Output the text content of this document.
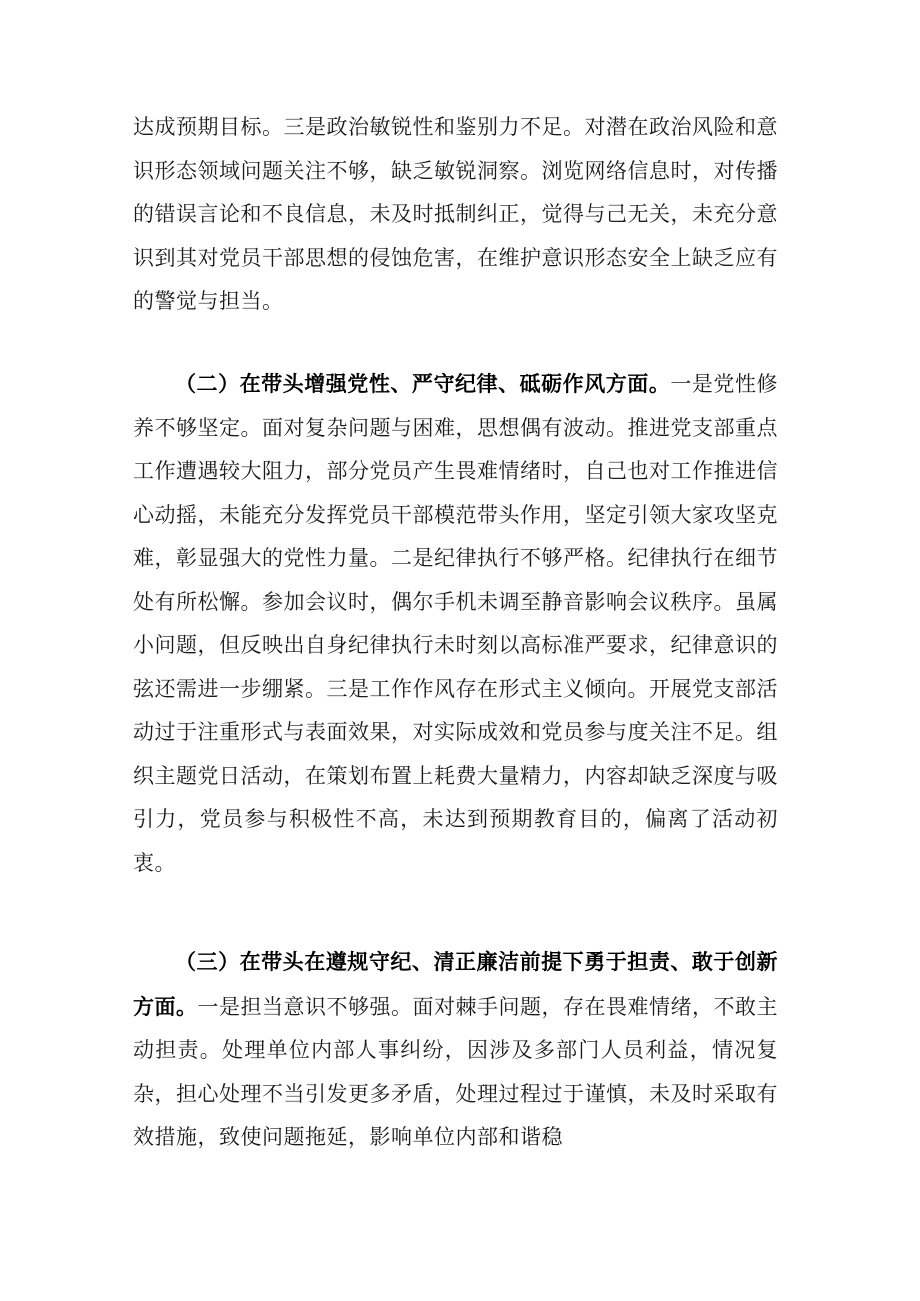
达成预期目标。三是政治敏锐性和鉴别力不足。对潜在政治风险和意识形态领域问题关注不够，缺乏敏锐洞察。浏览网络信息时，对传播的错误言论和不良信息，未及时抵制纠正，觉得与己无关，未充分意识到其对党员干部思想的侵蚀危害，在维护意识形态安全上缺乏应有的警觉与担当。

（二）在带头增强党性、严守纪律、砥砺作风方面。一是党性修养不够坚定。面对复杂问题与困难，思想偶有波动。推进党支部重点工作遭遇较大阻力，部分党员产生畏难情绪时，自己也对工作推进信心动摇，未能充分发挥党员干部模范带头作用，坚定引领大家攻坚克难，彰显强大的党性力量。二是纪律执行不够严格。纪律执行在细节处有所松懈。参加会议时，偶尔手机未调至静音影响会议秩序。虽属小问题，但反映出自身纪律执行未时刻以高标准严要求，纪律意识的弦还需进一步绷紧。三是工作作风存在形式主义倾向。开展党支部活动过于注重形式与表面效果，对实际成效和党员参与度关注不足。组织主题党日活动，在策划布置上耗费大量精力，内容却缺乏深度与吸引力，党员参与积极性不高，未达到预期教育目的，偏离了活动初衷。

（三）在带头在遵规守纪、清正廉洁前提下勇于担责、敢于创新方面。一是担当意识不够强。面对棘手问题，存在畏难情绪，不敢主动担责。处理单位内部人事纠纷，因涉及多部门人员利益，情况复杂，担心处理不当引发更多矛盾，处理过程过于谨慎，未及时采取有效措施，致使问题拖延，影响单位内部和谐稳
